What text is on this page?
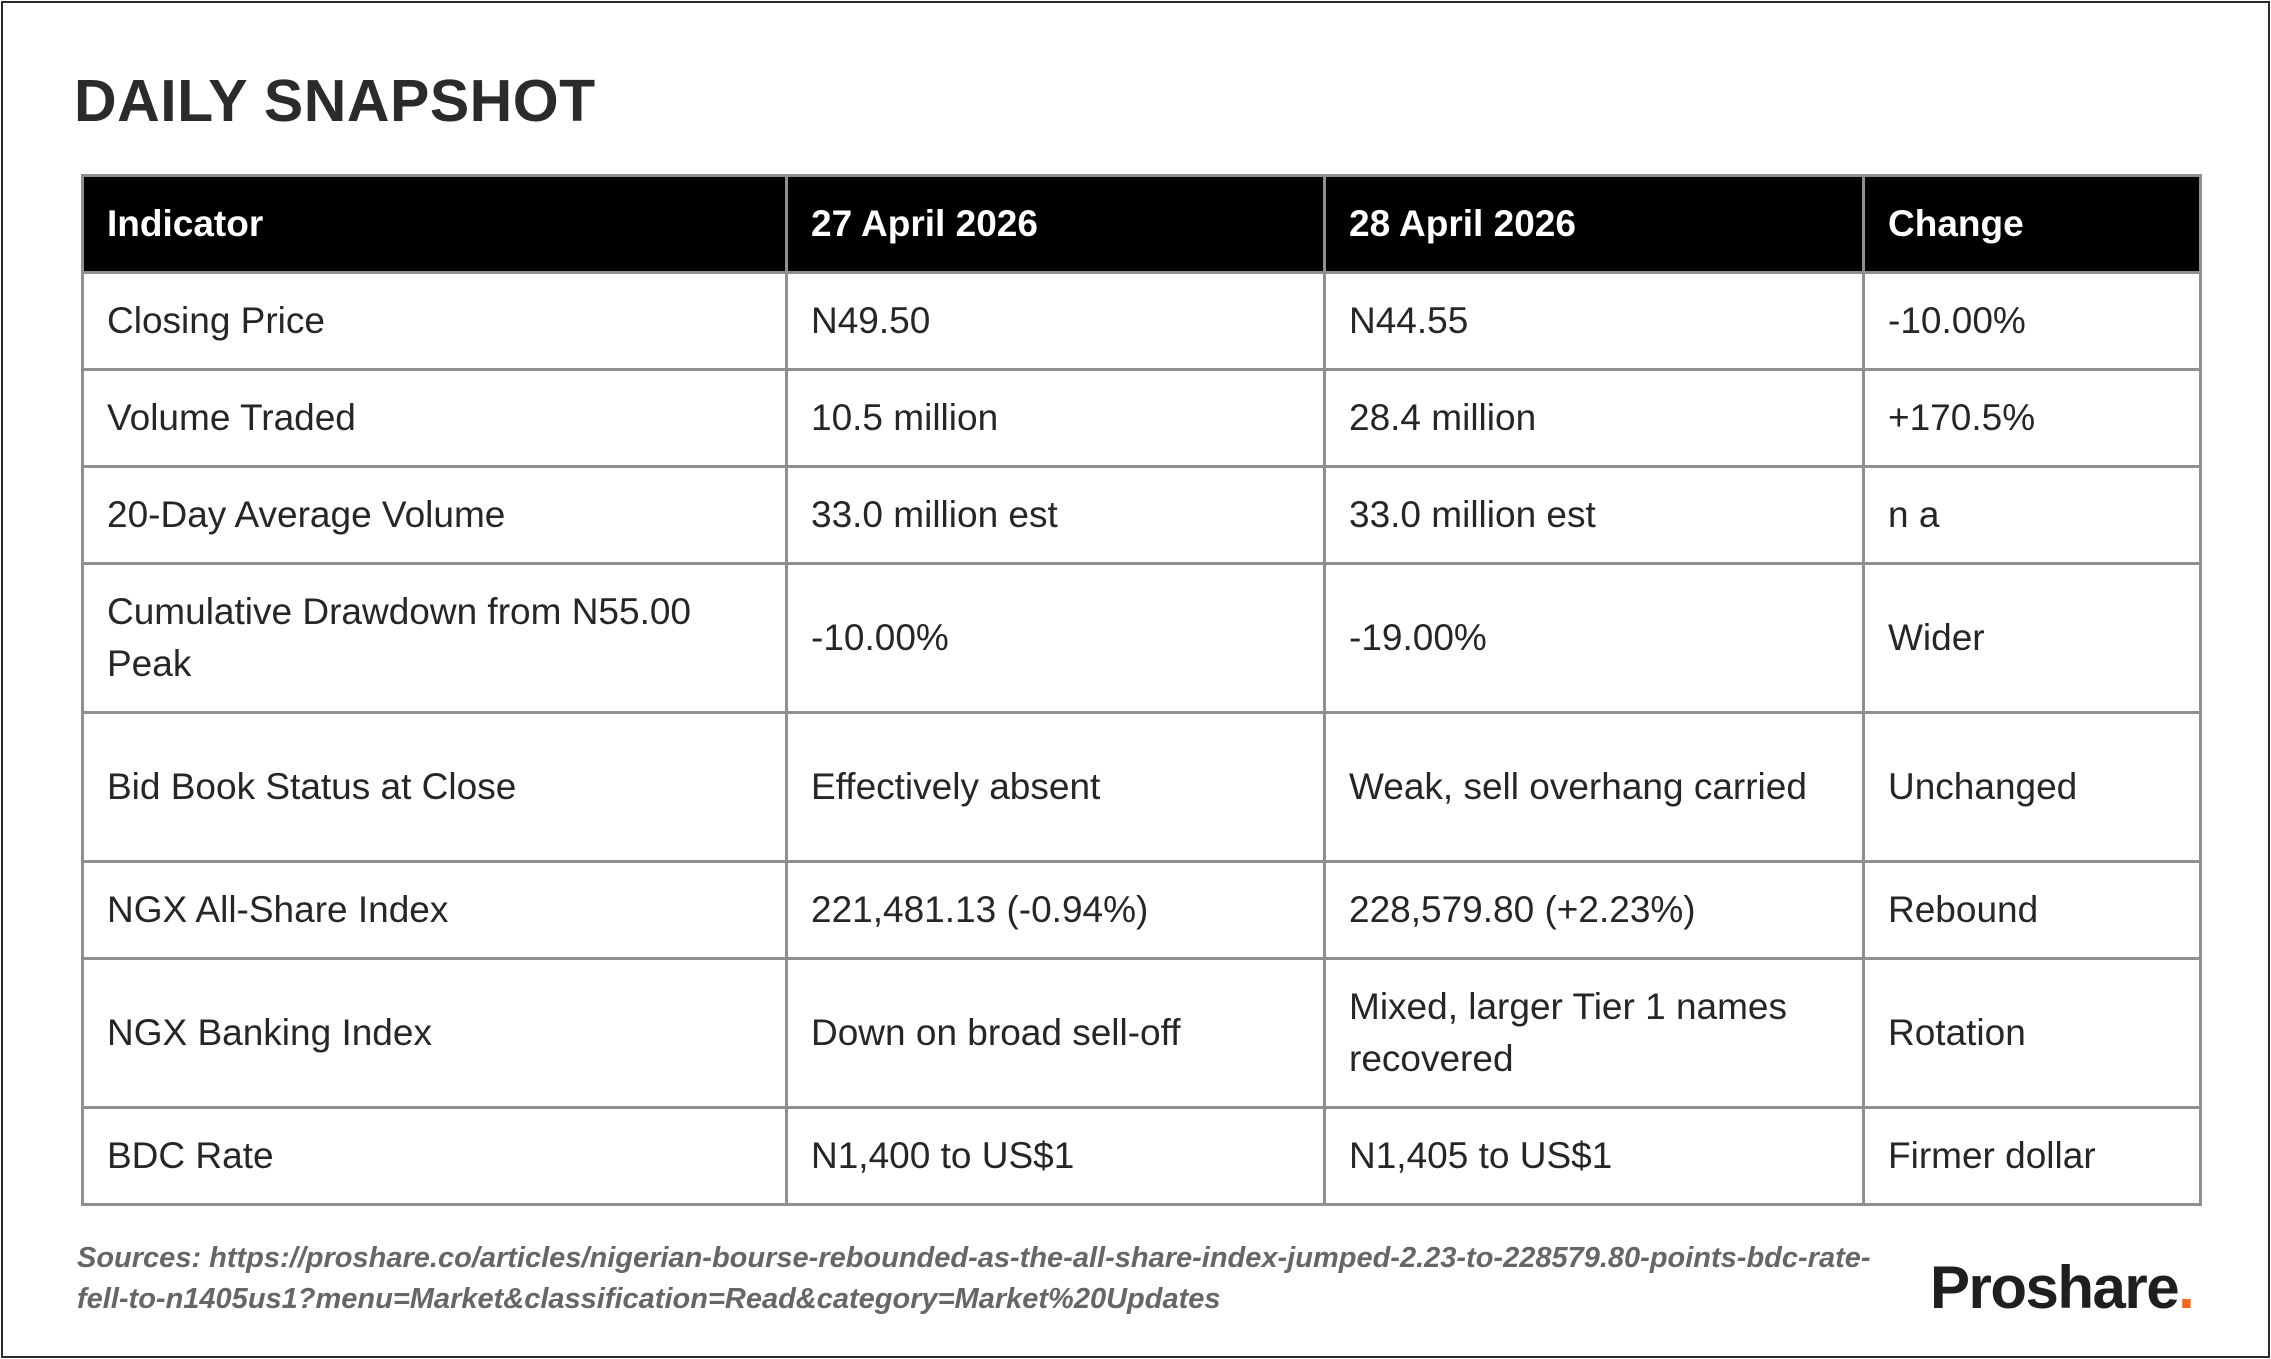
DAILY SNAPSHOT
Indicator	27 April 2026	28 April 2026	Change
Closing Price	N49.50	N44.55	-10.00%
Volume Traded	10.5 million	28.4 million	+170.5%
20-Day Average Volume	33.0 million est	33.0 million est	n a
Cumulative Drawdown from N55.00 Peak	-10.00%	-19.00%	Wider
Bid Book Status at Close	Effectively absent	Weak, sell overhang carried	Unchanged
NGX All-Share Index	221,481.13 (-0.94%)	228,579.80 (+2.23%)	Rebound
NGX Banking Index	Down on broad sell-off	Mixed, larger Tier 1 names recovered	Rotation
BDC Rate	N1,400 to US$1	N1,405 to US$1	Firmer dollar

Sources: https://proshare.co/articles/nigerian-bourse-rebounded-as-the-all-share-index-jumped-2.23-to-228579.80-points-bdc-rate-fell-to-n1405us1?menu=Market&classification=Read&category=Market%20Updates	Proshare.
